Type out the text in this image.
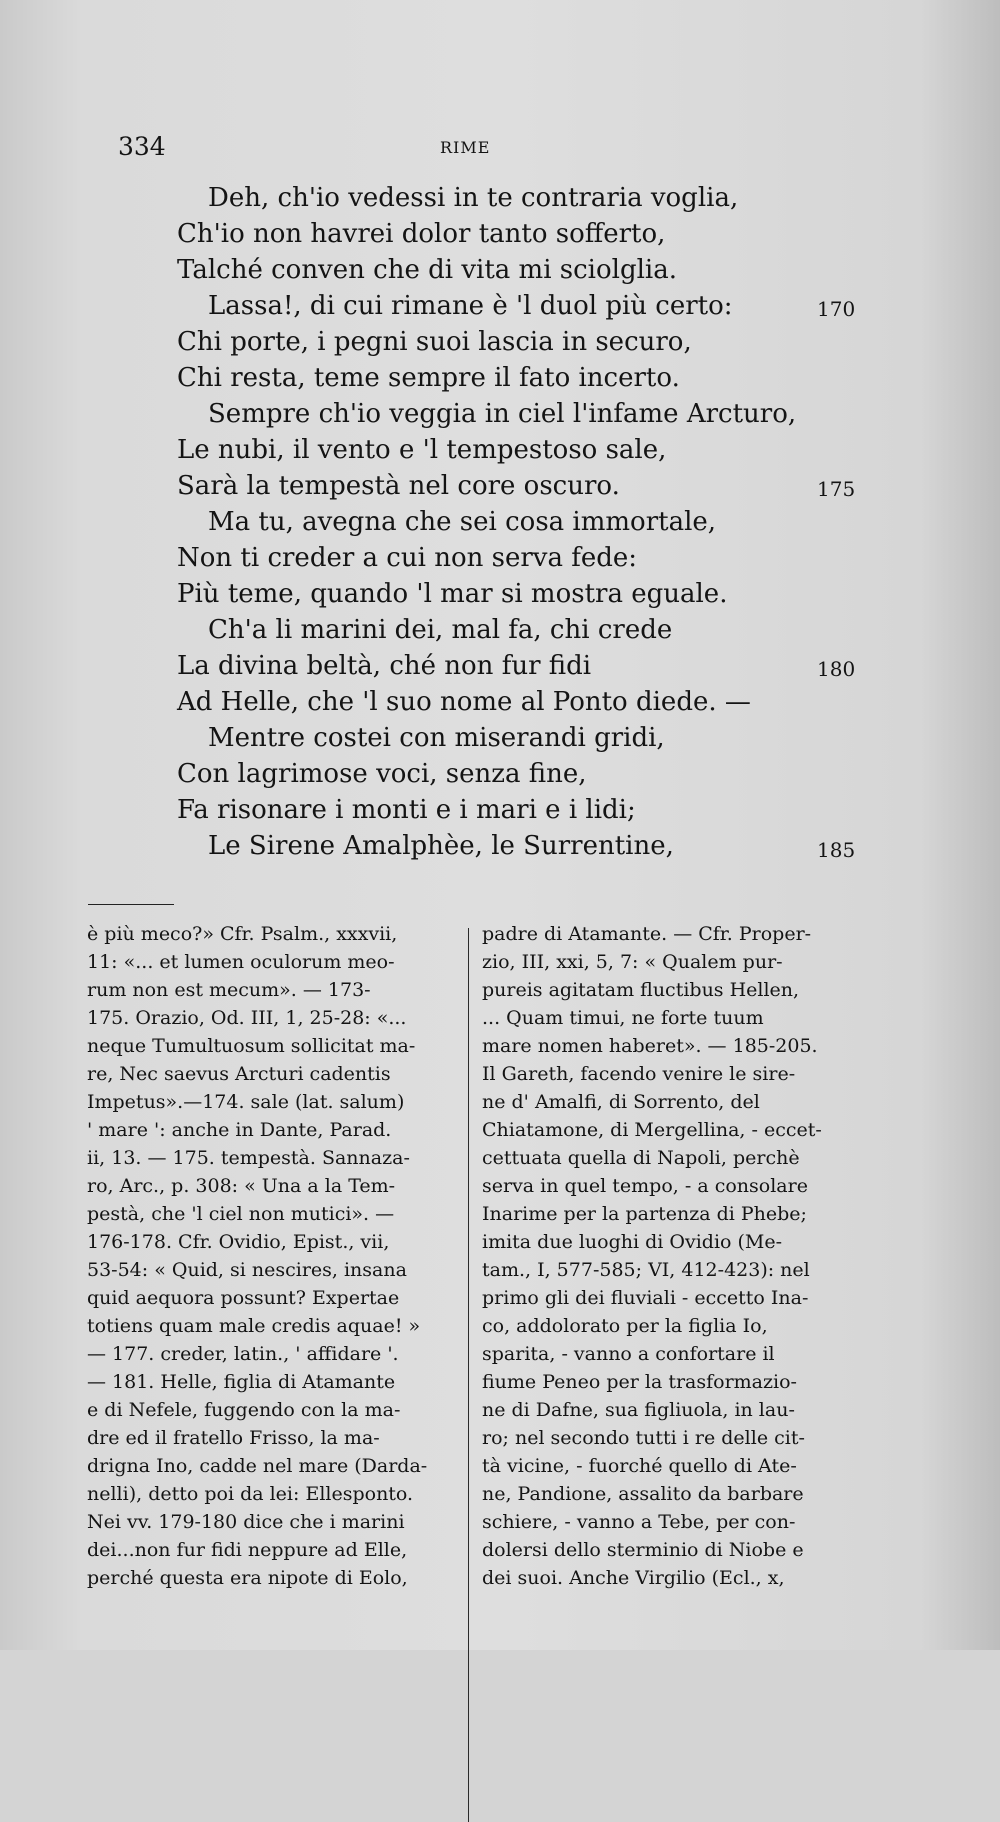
334	RIME
Deh, ch'io vedessi in te contraria voglia,
Ch'io non havrei dolor tanto sofferto,
Talché conven che di vita mi sciolglia.
Lassa!, di cui rimane è 'l duol più certo:
Chi porte, i pegni suoi lascia in securo,
Chi resta, teme sempre il fato incerto.
Sempre ch'io veggia in ciel l'infame Arcturo,
Le nubi, il vento e 'l tempestoso sale,
Sarà la tempestà nel core oscuro.
Ma tu, avegna che sei cosa immortale,
Non ti creder a cui non serva fede:
Più teme, quando 'l mar si mostra eguale.
Ch'a li marini dei, mal fa, chi crede
La divina beltà, ché non fur fidi
Ad Helle, che 'l suo nome al Ponto diede. —
Mentre costei con miserandi gridi,
Con lagrimose voci, senza fine,
Fa risonare i monti e i mari e i lidi;
Le Sirene Amalphèe, le Surrentine,
170
175
180
185
è più meco?» Cfr. Psalm., xxxvii,
11: «... et lumen oculorum meo-
rum non est mecum». — 173-
175. Orazio, Od. III, 1, 25-28: «...
neque Tumultuosum sollicitat ma-
re, Nec saevus Arcturi cadentis
Impetus».—174. sale (lat. salum)
' mare ': anche in Dante, Parad.
ii, 13. — 175. tempestà. Sannaza-
ro, Arc., p. 308: « Una a la Tem-
pestà, che 'l ciel non mutici». —
176-178. Cfr. Ovidio, Epist., vii,
53-54: « Quid, si nescires, insana
quid aequora possunt? Expertae
totiens quam male credis aquae! »
— 177. creder, latin., ' affidare '.
— 181. Helle, figlia di Atamante
e di Nefele, fuggendo con la ma-
dre ed il fratello Frisso, la ma-
drigna Ino, cadde nel mare (Darda-
nelli), detto poi da lei: Ellesponto.
Nei vv. 179-180 dice che i marini
dei...non fur fidi neppure ad Elle,
perché questa era nipote di Eolo,
padre di Atamante. — Cfr. Proper-
zio, III, xxi, 5, 7: « Qualem pur-
pureis agitatam fluctibus Hellen,
... Quam timui, ne forte tuum
mare nomen haberet». — 185-205.
Il Gareth, facendo venire le sire-
ne d' Amalfi, di Sorrento, del
Chiatamone, di Mergellina, - eccet-
cettuata quella di Napoli, perchè
serva in quel tempo, - a consolare
Inarime per la partenza di Phebe;
imita due luoghi di Ovidio (Me-
tam., I, 577-585; VI, 412-423): nel
primo gli dei fluviali - eccetto Ina-
co, addolorato per la figlia Io,
sparita, - vanno a confortare il
fiume Peneo per la trasformazio-
ne di Dafne, sua figliuola, in lau-
ro; nel secondo tutti i re delle cit-
tà vicine, - fuorché quello di Ate-
ne, Pandione, assalito da barbare
schiere, - vanno a Tebe, per con-
dolersi dello sterminio di Niobe e
dei suoi. Anche Virgilio (Ecl., x,
